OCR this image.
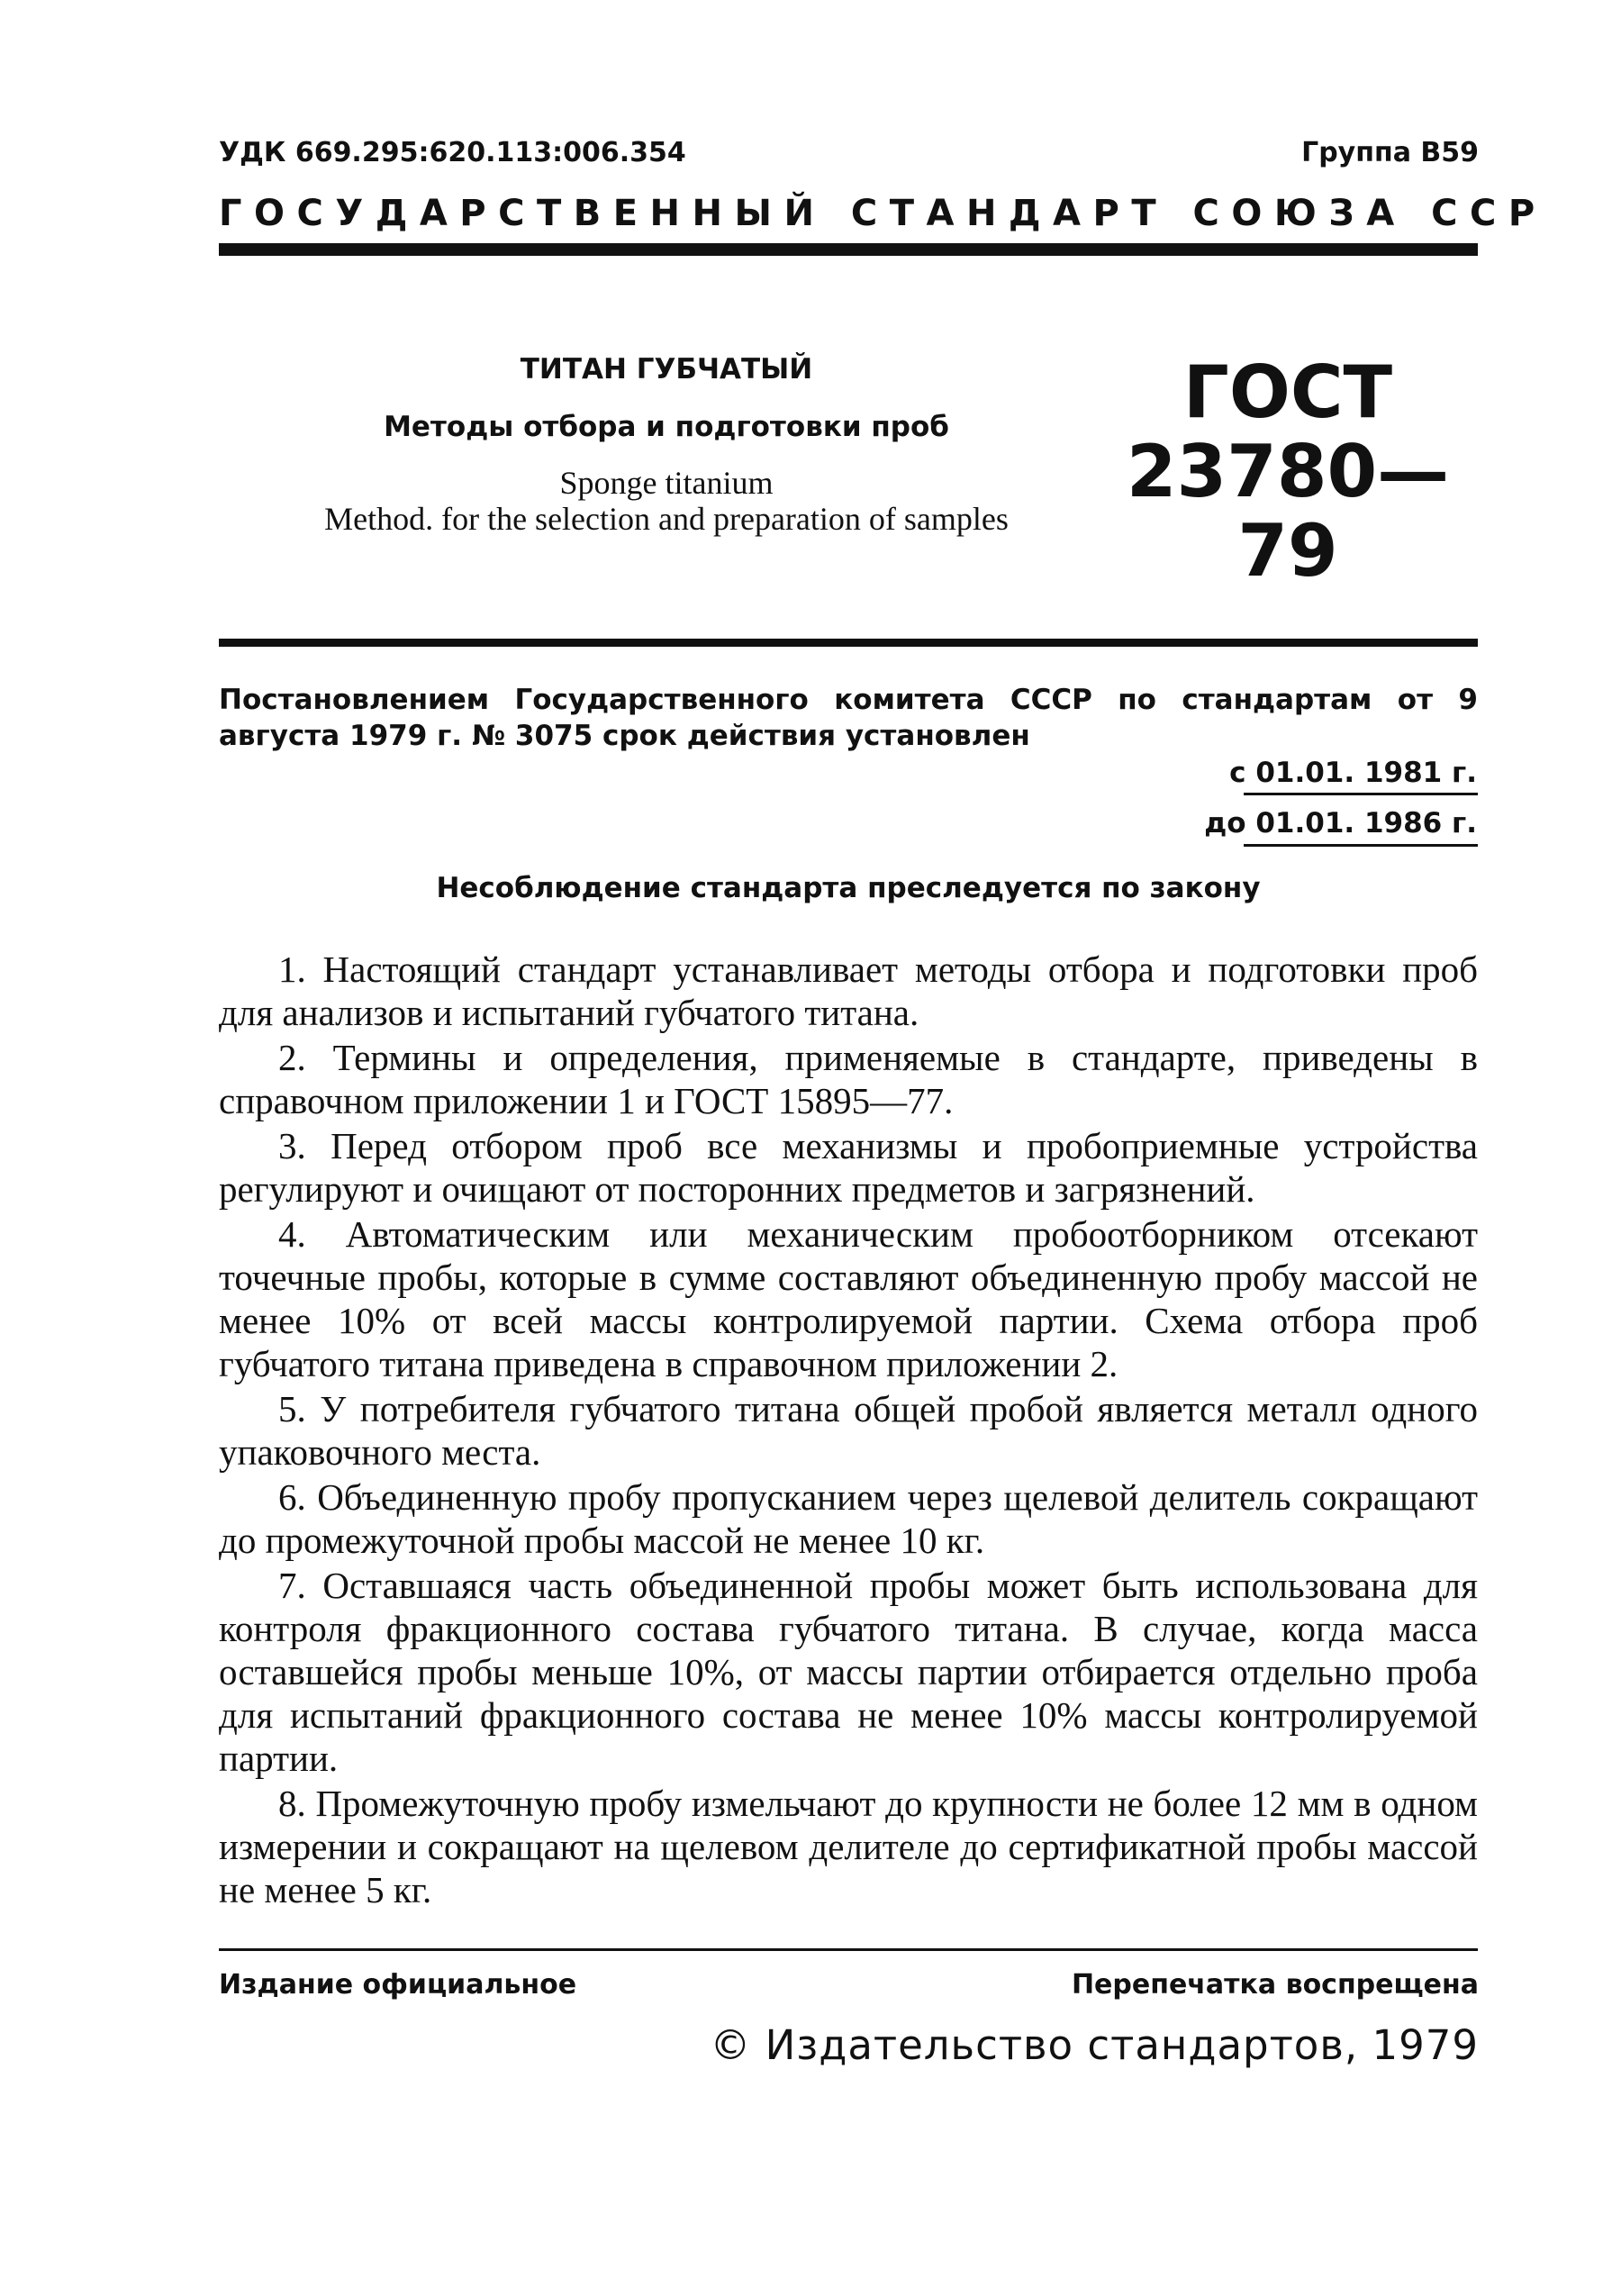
УДК 669.295:620.113:006.354	Группа В59
ГОСУДАРСТВЕННЫЙ СТАНДАРТ СОЮЗА ССР
ТИТАН ГУБЧАТЫЙ
Методы отбора и подготовки проб
Sponge titanium
Method. for the selection and preparation of samples
ГОСТ
23780—79
Постановлением Государственного комитета СССР по стандартам от 9 августа 1979 г. № 3075 срок действия установлен
с 01.01. 1981 г.
до 01.01. 1986 г.
Несоблюдение стандарта преследуется по закону

1. Настоящий стандарт устанавливает методы отбора и подготовки проб для анализов и испытаний губчатого титана.

2. Термины и определения, применяемые в стандарте, приведены в справочном приложении 1 и ГОСТ 15895—77.

3. Перед отбором проб все механизмы и пробоприемные устройства регулируют и очищают от посторонних предметов и загрязнений.

4. Автоматическим или механическим пробоотборником отсекают точечные пробы, которые в сумме составляют объединенную пробу массой не менее 10% от всей массы контролируемой партии. Схема отбора проб губчатого титана приведена в справочном приложении 2.

5. У потребителя губчатого титана общей пробой является металл одного упаковочного места.

6. Объединенную пробу пропусканием через щелевой делитель сокращают до промежуточной пробы массой не менее 10 кг.

7. Оставшаяся часть объединенной пробы может быть использована для контроля фракционного состава губчатого титана. В случае, когда масса оставшейся пробы меньше 10%, от массы партии отбирается отдельно проба для испытаний фракционного состава не менее 10% массы контролируемой партии.

8. Промежуточную пробу измельчают до крупности не более 12 мм в одном измерении и сокращают на щелевом делителе до сертификатной пробы массой не менее 5 кг.

Издание официальное	Перепечатка воспрещена
© Издательство стандартов, 1979
